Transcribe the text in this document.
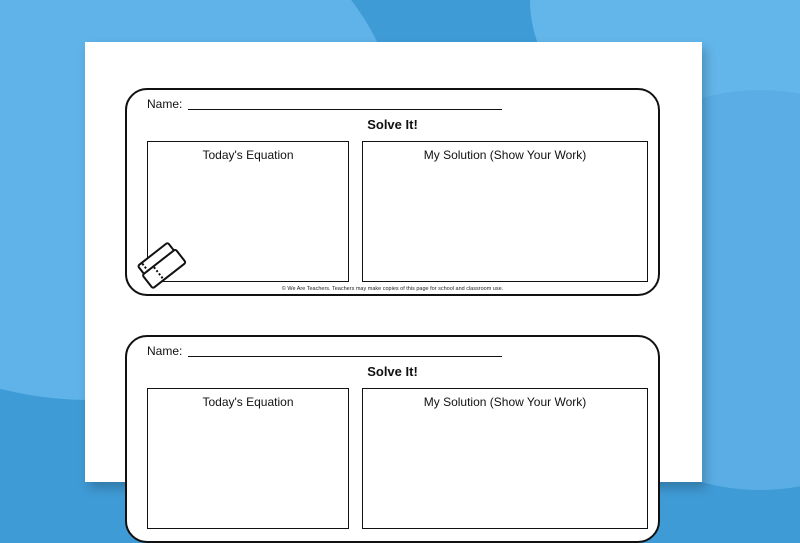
Name:
Solve It!
Today's Equation	My Solution (Show Your Work)
© We Are Teachers. Teachers may make copies of this page for school and classroom use.
Name:
Solve It!
Today's Equation	My Solution (Show Your Work)
